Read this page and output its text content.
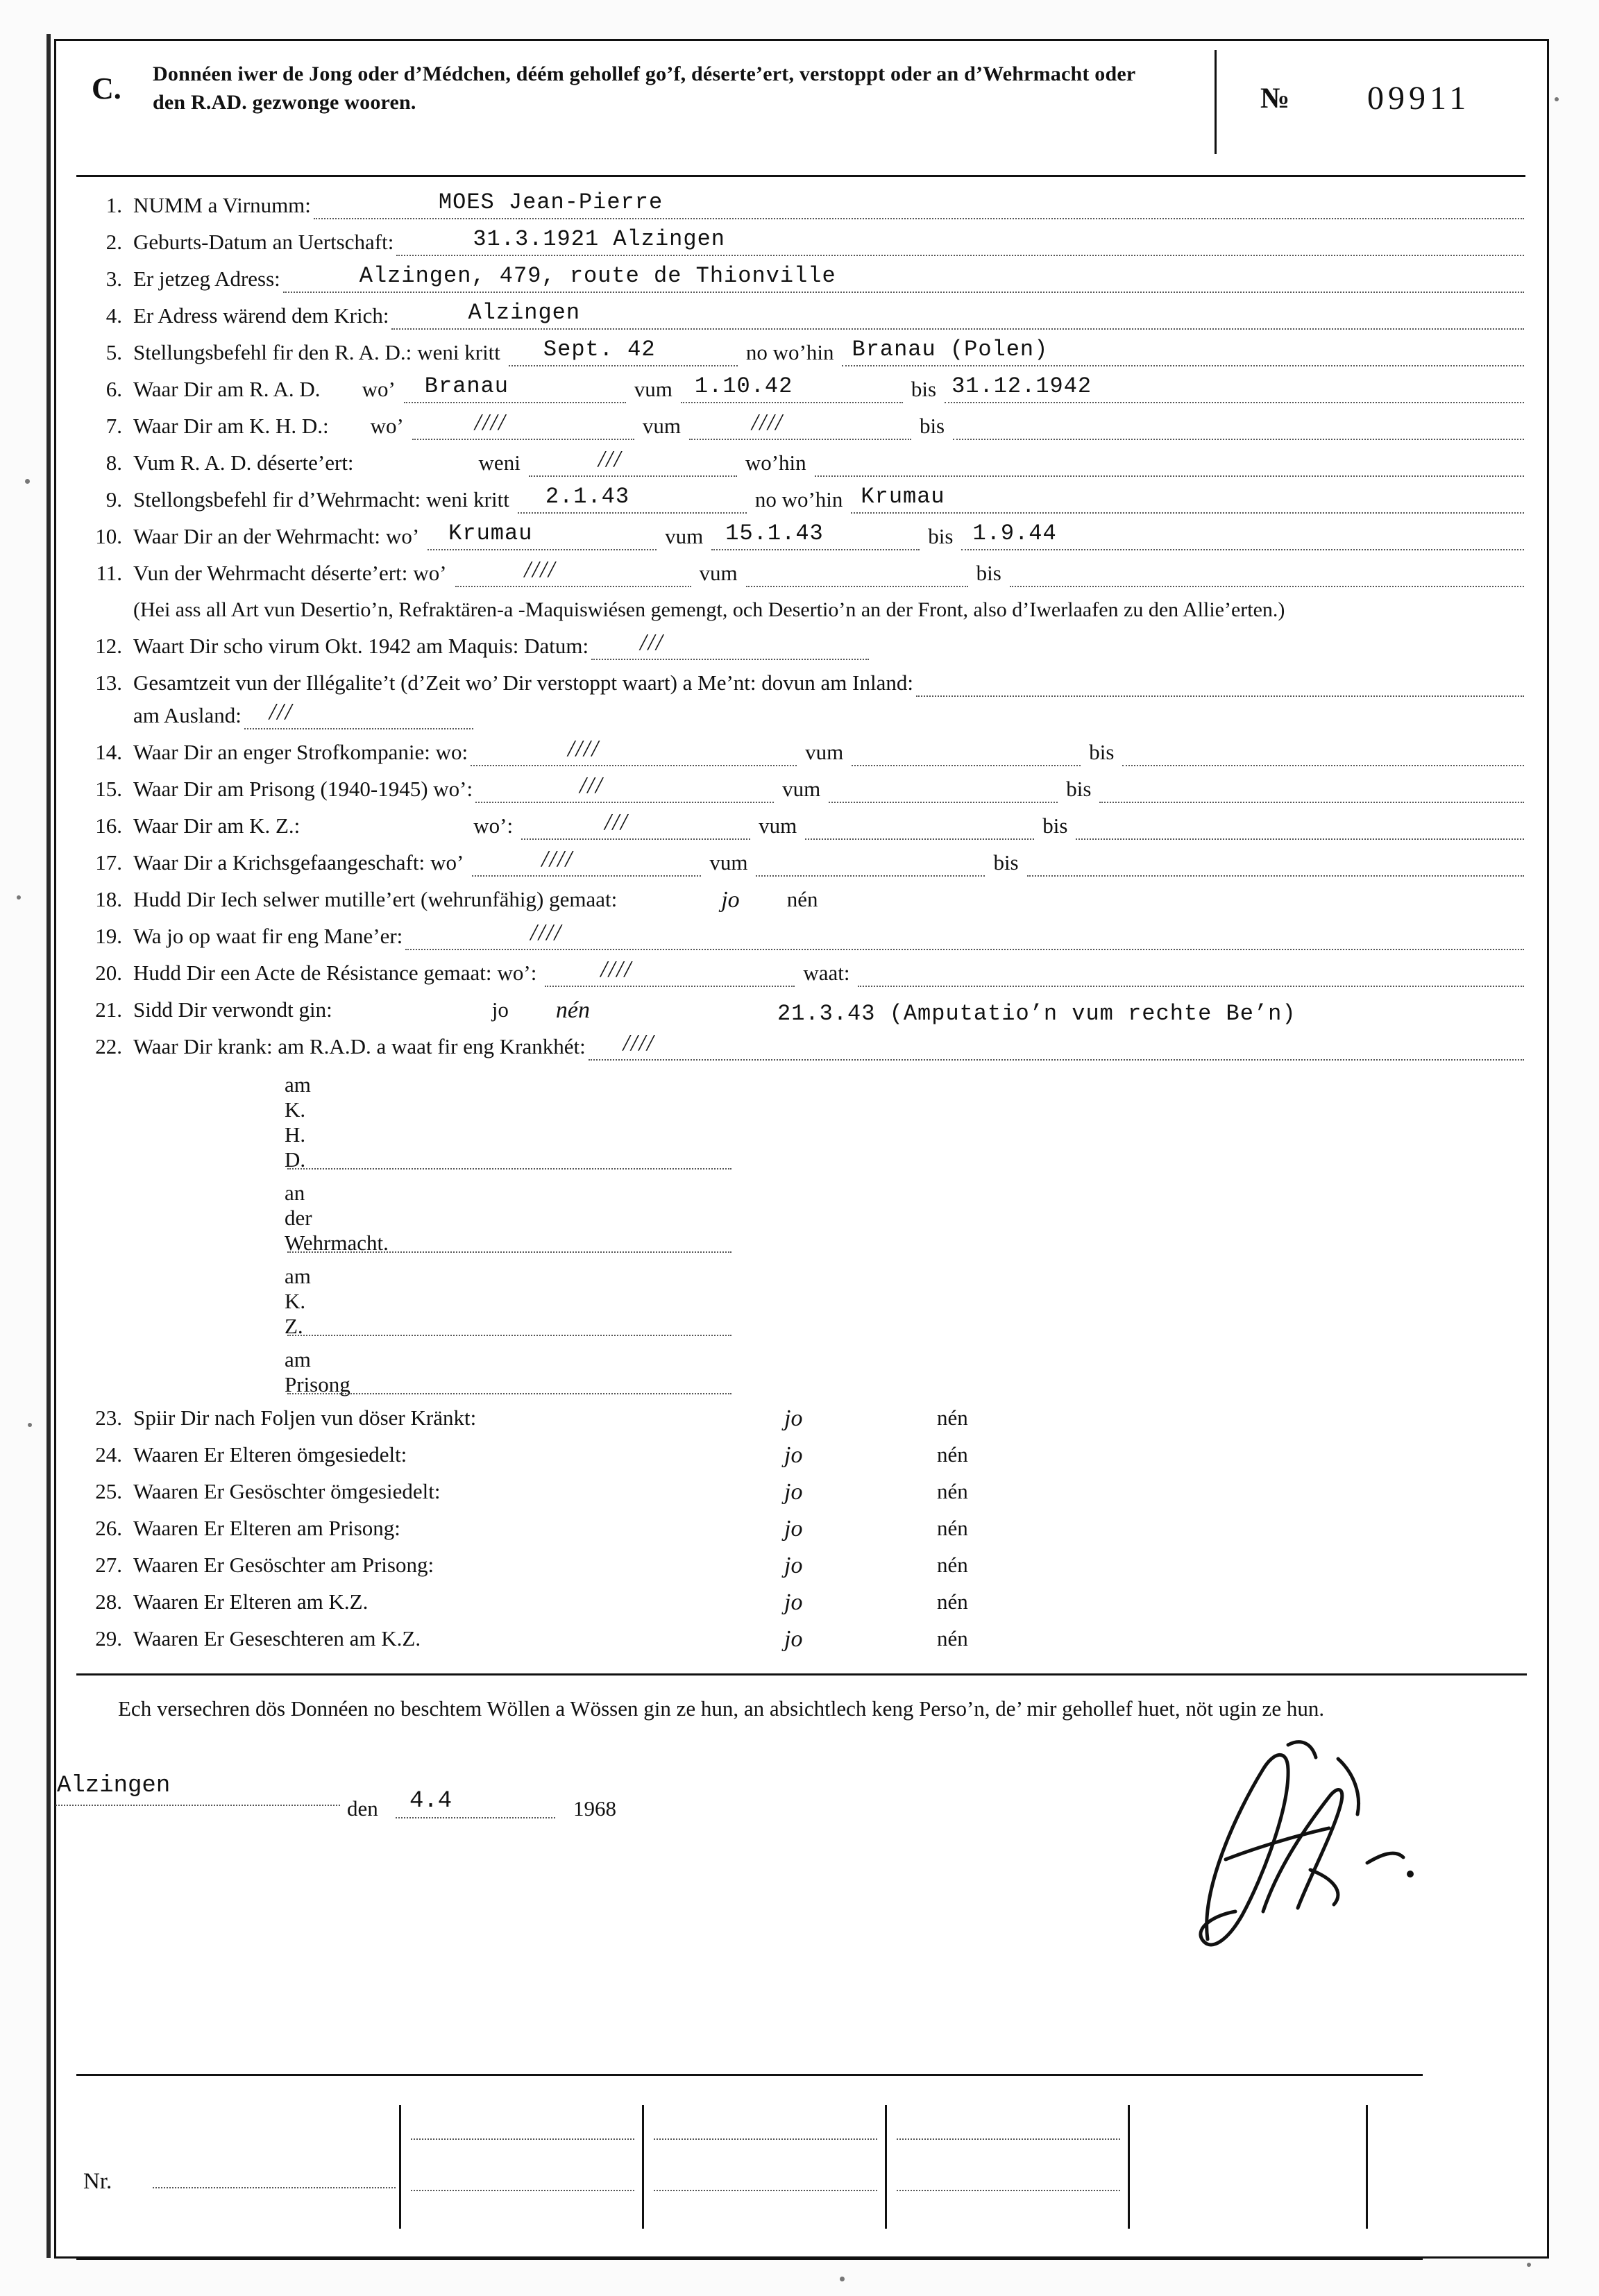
C. Donnéen iwer de Jong oder d’Médchen, déém gehollef go’f, déserte’ert, verstoppt oder an d’Wehrmacht oder den R.AD. gezwonge wooren.	№ 09911
1. NUMM a Virnumm:	MOES Jean-Pierre
2. Geburts-Datum an Uertschaft:	31.3.1921 Alzingen
3. Er jetzeg Adress:	Alzingen, 479, route de Thionville
4. Er Adress wärend dem Krich:	Alzingen
5. Stellungsbefehl fir den R. A. D.: weni kritt Sept. 42	no wo’hin Branau (Polen)
6. Waar Dir am R. A. D.	wo’ Branau	vum 1.10.42	bis 31.12.1942
7. Waar Dir am K. H. D.:	wo’	////	vum	////	bis
8. Vum R. A. D. déserte’ert:	weni	///	wo’hin
9. Stellongsbefehl fir d’Wehrmacht: weni kritt 2.1.43	no wo’hin Krumau
10. Waar Dir an der Wehrmacht: wo’ Krumau	vum 15.1.43	bis 1.9.44
11. Vun der Wehrmacht déserte’ert: wo’	////	vum	bis
(Hei ass all Art vun Desertio’n, Refraktären-a -Maquiswiésen gemengt, och Desertio’n an der Front, also d’Iwerlaafen zu den Allie’erten.)
12. Waart Dir scho virum Okt. 1942 am Maquis: Datum: ///
13. Gesamtzeit vun der Illégalite’t (d’Zeit wo’ Dir verstoppt waart) a Me’nt: dovun am Inland:
am Ausland: ///
14. Waar Dir an enger Strofkompanie: wo:	////	vum	bis
15. Waar Dir am Prisong (1940-1945) wo’:	///	vum	bis
16. Waar Dir am K. Z.:	wo’:	///	vum	bis
17. Waar Dir a Krichsgefaangeschaft: wo’	////	vum	bis
18. Hudd Dir Iech selwer mutille’ert (wehrunfähig) gemaat:	jo	nén
19. Wa jo op waat fir eng Mane’er:	////
20. Hudd Dir een Acte de Résistance gemaat: wo’:	////	waat:
21. Sidd Dir verwondt gin:	jo	nén	21.3.43 (Amputatio’n vum rechte Be’n)
22. Waar Dir krank: am R.A.D. a waat fir eng Krankhét: ////
am K. H. D.
an der Wehrmacht.
am K. Z.
am Prisong
23. Spiir Dir nach Foljen vun döser Kränkt:	jo	nén
24. Waaren Er Elteren ömgesiedelt:	jo	nén
25. Waaren Er Gesöschter ömgesiedelt:	jo	nén
26. Waaren Er Elteren am Prisong:	jo	nén
27. Waaren Er Gesöschter am Prisong:	jo	nén
28. Waaren Er Elteren am K.Z.	jo	nén
29. Waaren Er Geseschteren am K.Z.	jo	nén
Ech versechren dös Donnéen no beschtem Wöllen a Wössen gin ze hun, an absichtlech keng Perso’n, de’ mir gehollef huet, nöt ugin ze hun.
Alzingen
den 4.4	1968
Nr.
